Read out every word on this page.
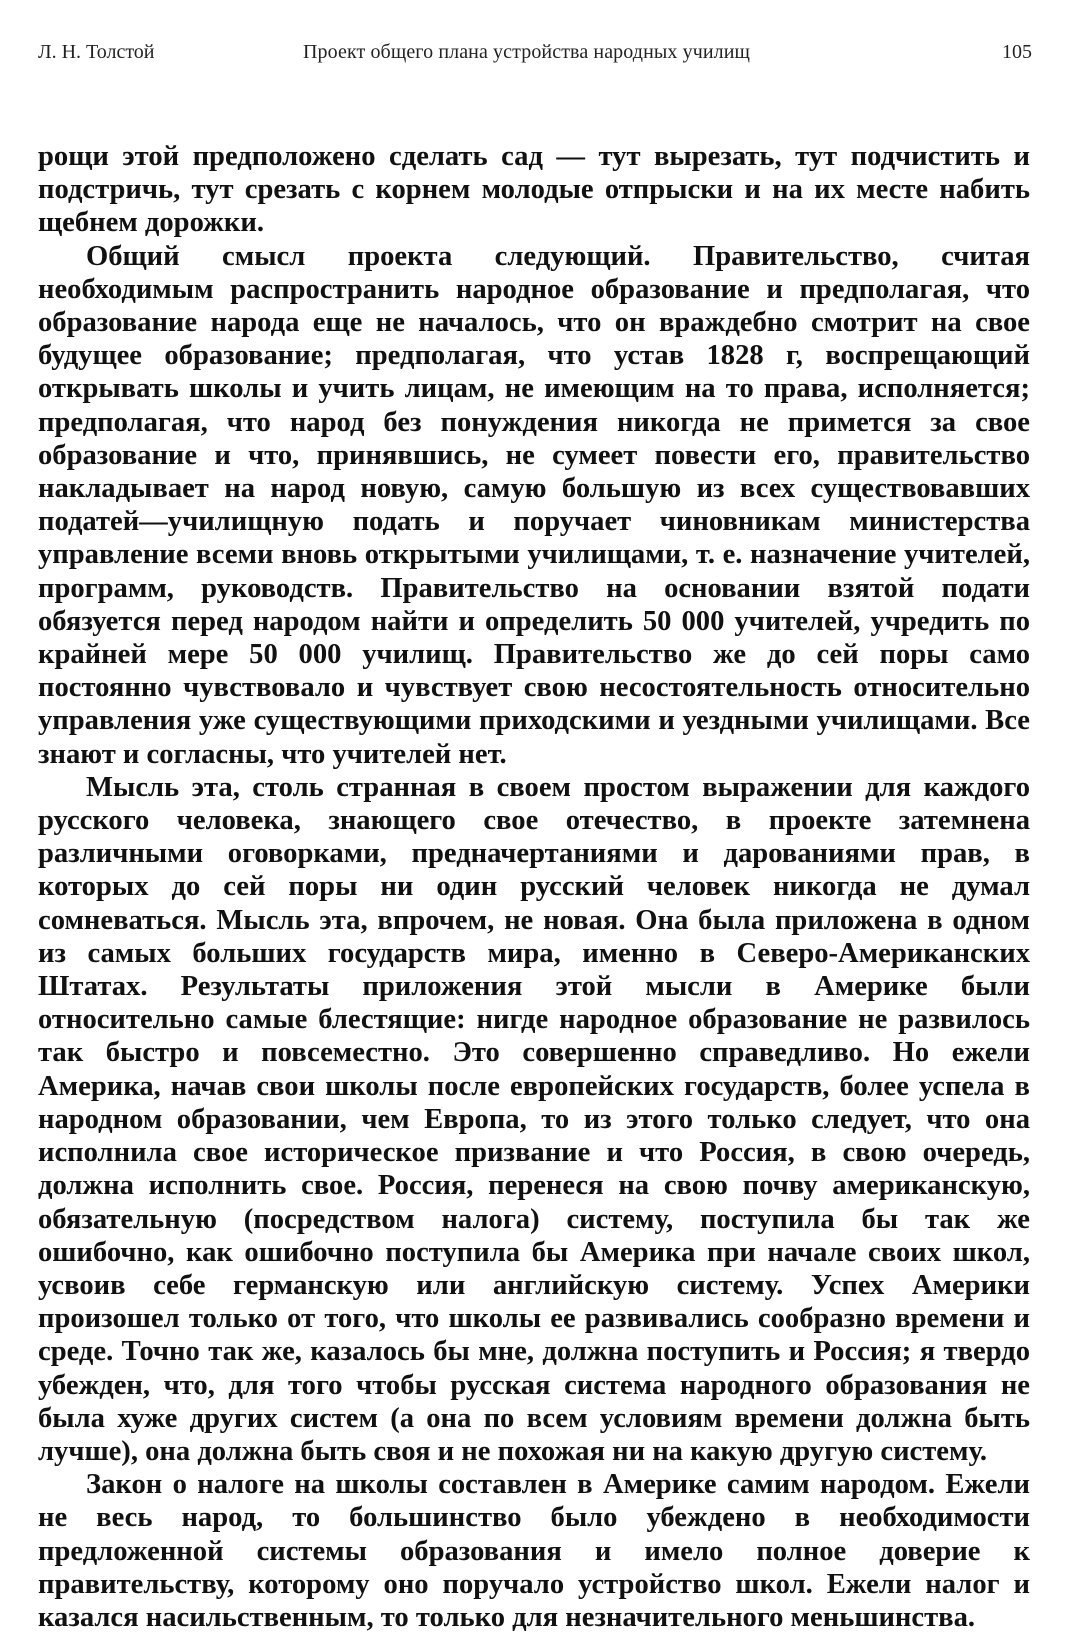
Л. Н. Толстой	Проект общего плана устройства народных училищ	105

рощи этой предположено сделать сад — тут вырезать, тут подчистить и подстричь, тут срезать с корнем молодые отпрыски и на их месте набить щебнем дорожки.

Общий смысл проекта следующий. Правительство, считая необходимым распространить народное образование и предполагая, что образование народа еще не началось, что он враждебно смотрит на свое будущее образование; предполагая, что устав 1828 г, воспрещающий открывать школы и учить лицам, не имеющим на то права, исполняется; предполагая, что народ без понуждения никогда не примется за свое образование и что, принявшись, не сумеет повести его, правительство накладывает на народ новую, самую большую из всех существовавших податей—училищную подать и поручает чиновникам министерства управление всеми вновь открытыми училищами, т. е. назначение учителей, программ, руководств. Правительство на основании взятой подати обязуется перед народом найти и определить 50 000 учителей, учредить по крайней мере 50 000 училищ. Правительство же до сей поры само постоянно чувствовало и чувствует свою несостоятельность относительно управления уже существующими приходскими и уездными училищами. Все знают и согласны, что учителей нет.

Мысль эта, столь странная в своем простом выражении для каждого русского человека, знающего свое отечество, в проекте затемнена различными оговорками, предначертаниями и дарованиями прав, в которых до сей поры ни один русский человек никогда не думал сомневаться. Мысль эта, впрочем, не новая. Она была приложена в одном из самых больших государств мира, именно в Северо-Американских Штатах. Результаты приложения этой мысли в Америке были относительно самые блестящие: нигде народное образование не развилось так быстро и повсеместно. Это совершенно справедливо. Но ежели Америка, начав свои школы после европейских государств, более успела в народном образовании, чем Европа, то из этого только следует, что она исполнила свое историческое призвание и что Россия, в свою очередь, должна исполнить свое. Россия, перенеся на свою почву американскую, обязательную (посредством налога) систему, поступила бы так же ошибочно, как ошибочно поступила бы Америка при начале своих школ, усвоив себе германскую или английскую систему. Успех Америки произошел только от того, что школы ее развивались сообразно времени и среде. Точно так же, казалось бы мне, должна поступить и Россия; я твердо убежден, что, для того чтобы русская система народного образования не была хуже других систем (а она по всем условиям времени должна быть лучше), она должна быть своя и не похожая ни на какую другую систему.

Закон о налоге на школы составлен в Америке самим народом. Ежели не весь народ, то большинство было убеждено в необходимости предложенной системы образования и имело полное доверие к правительству, которому оно поручало устройство школ. Ежели налог и казался насильственным, то только для незначительного меньшинства.
